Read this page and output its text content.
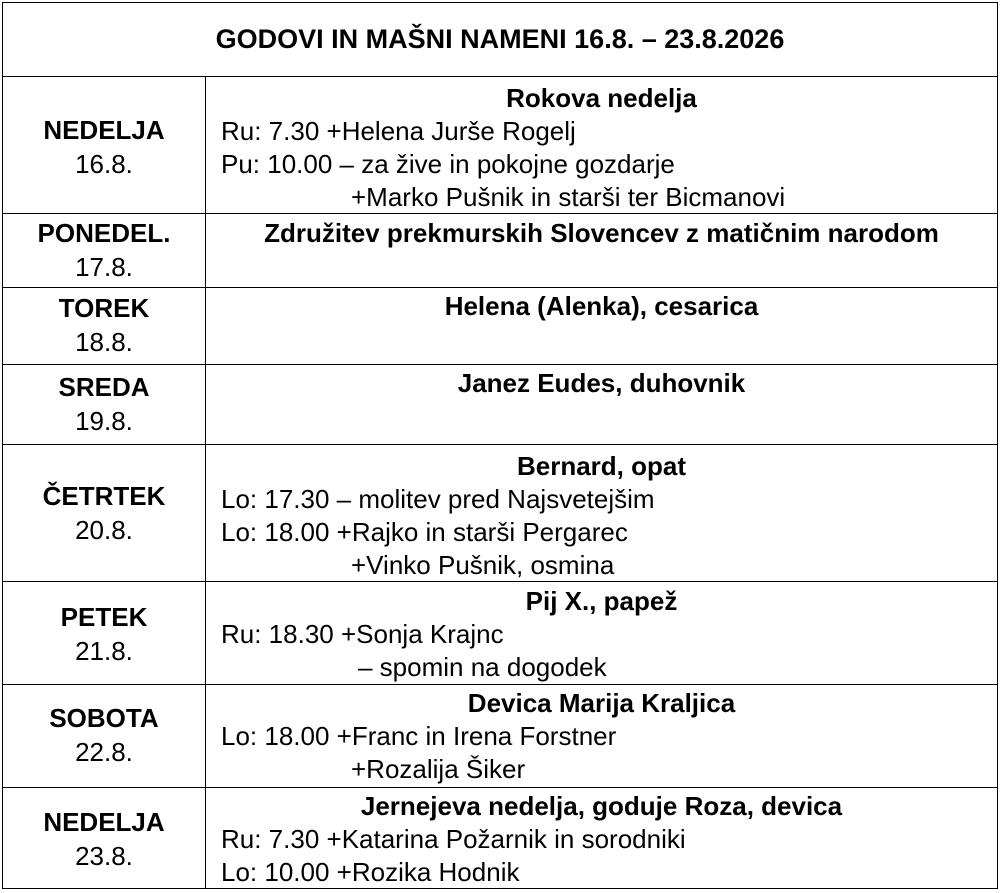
GODOVI IN MAŠNI NAMENI 16.8. – 23.8.2026
NEDELJA
16.8.
Rokova nedelja
Ru: 7.30 +Helena Jurše Rogelj
Pu: 10.00 – za žive in pokojne gozdarje
+Marko Pušnik in starši ter Bicmanovi
PONEDEL.
17.8.
Združitev prekmurskih Slovencev z matičnim narodom
TOREK
18.8.
Helena (Alenka), cesarica
SREDA
19.8.
Janez Eudes, duhovnik
ČETRTEK
20.8.
Bernard, opat
Lo: 17.30 – molitev pred Najsvetejšim
Lo: 18.00 +Rajko in starši Pergarec
+Vinko Pušnik, osmina
PETEK
21.8.
Pij X., papež
Ru: 18.30 +Sonja Krajnc
– spomin na dogodek
SOBOTA
22.8.
Devica Marija Kraljica
Lo: 18.00 +Franc in Irena Forstner
+Rozalija Šiker
NEDELJA
23.8.
Jernejeva nedelja, goduje Roza, devica
Ru: 7.30 +Katarina Požarnik in sorodniki
Lo: 10.00 +Rozika Hodnik
